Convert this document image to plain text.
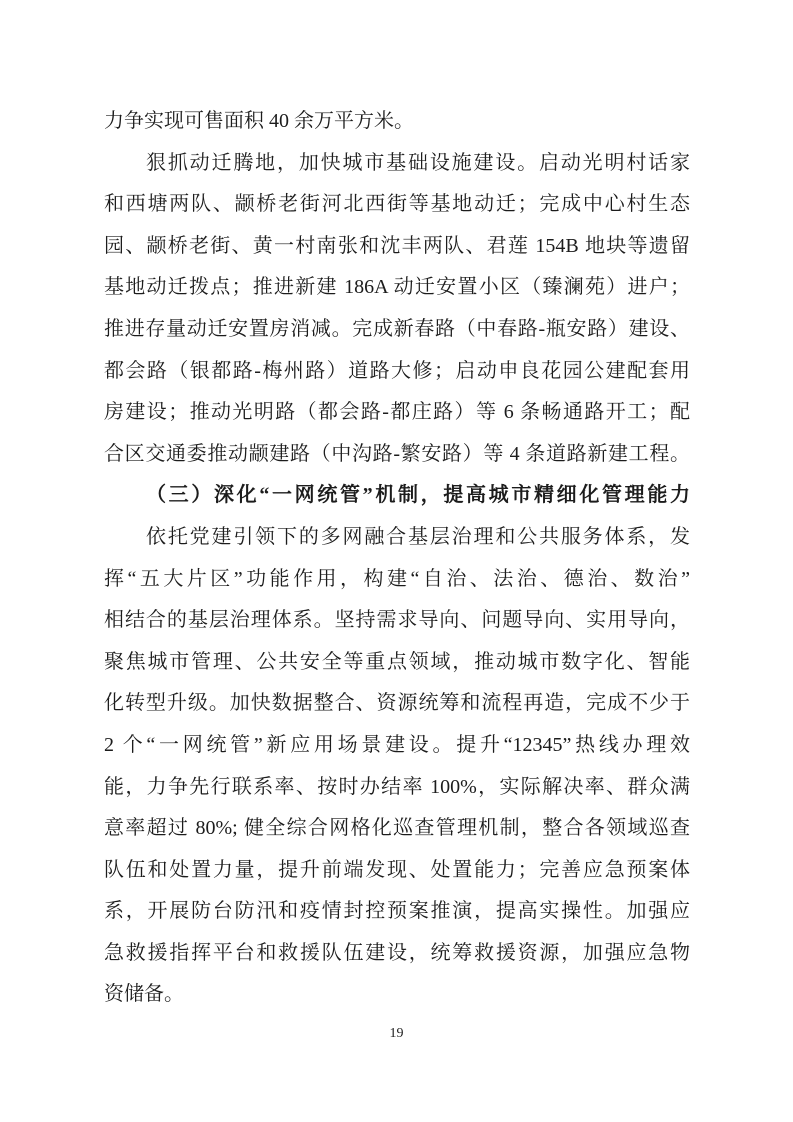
力争实现可售面积 40 余万平方米。
狠抓动迁腾地，加快城市基础设施建设。启动光明村话家
和西塘两队、颛桥老街河北西街等基地动迁；完成中心村生态
园、颛桥老街、黄一村南张和沈丰两队、君莲 154B 地块等遗留
基地动迁拨点；推进新建 186A 动迁安置小区（臻澜苑）进户；
推进存量动迁安置房消减。完成新春路（中春路-瓶安路）建设、
都会路（银都路-梅州路）道路大修；启动申良花园公建配套用
房建设；推动光明路（都会路-都庄路）等 6 条畅通路开工；配
合区交通委推动颛建路（中沟路-繁安路）等 4 条道路新建工程。
（三）深化“一网统管”机制，提高城市精细化管理能力
依托党建引领下的多网融合基层治理和公共服务体系，发
挥“五大片区”功能作用，构建“自治、法治、德治、数治”
相结合的基层治理体系。坚持需求导向、问题导向、实用导向，
聚焦城市管理、公共安全等重点领域，推动城市数字化、智能
化转型升级。加快数据整合、资源统筹和流程再造，完成不少于
2 个“一网统管”新应用场景建设。提升“12345”热线办理效
能，力争先行联系率、按时办结率 100%，实际解决率、群众满
意率超过 80%; 健全综合网格化巡查管理机制，整合各领域巡查
队伍和处置力量，提升前端发现、处置能力；完善应急预案体
系，开展防台防汛和疫情封控预案推演，提高实操性。加强应
急救援指挥平台和救援队伍建设，统筹救援资源，加强应急物
资储备。
19
